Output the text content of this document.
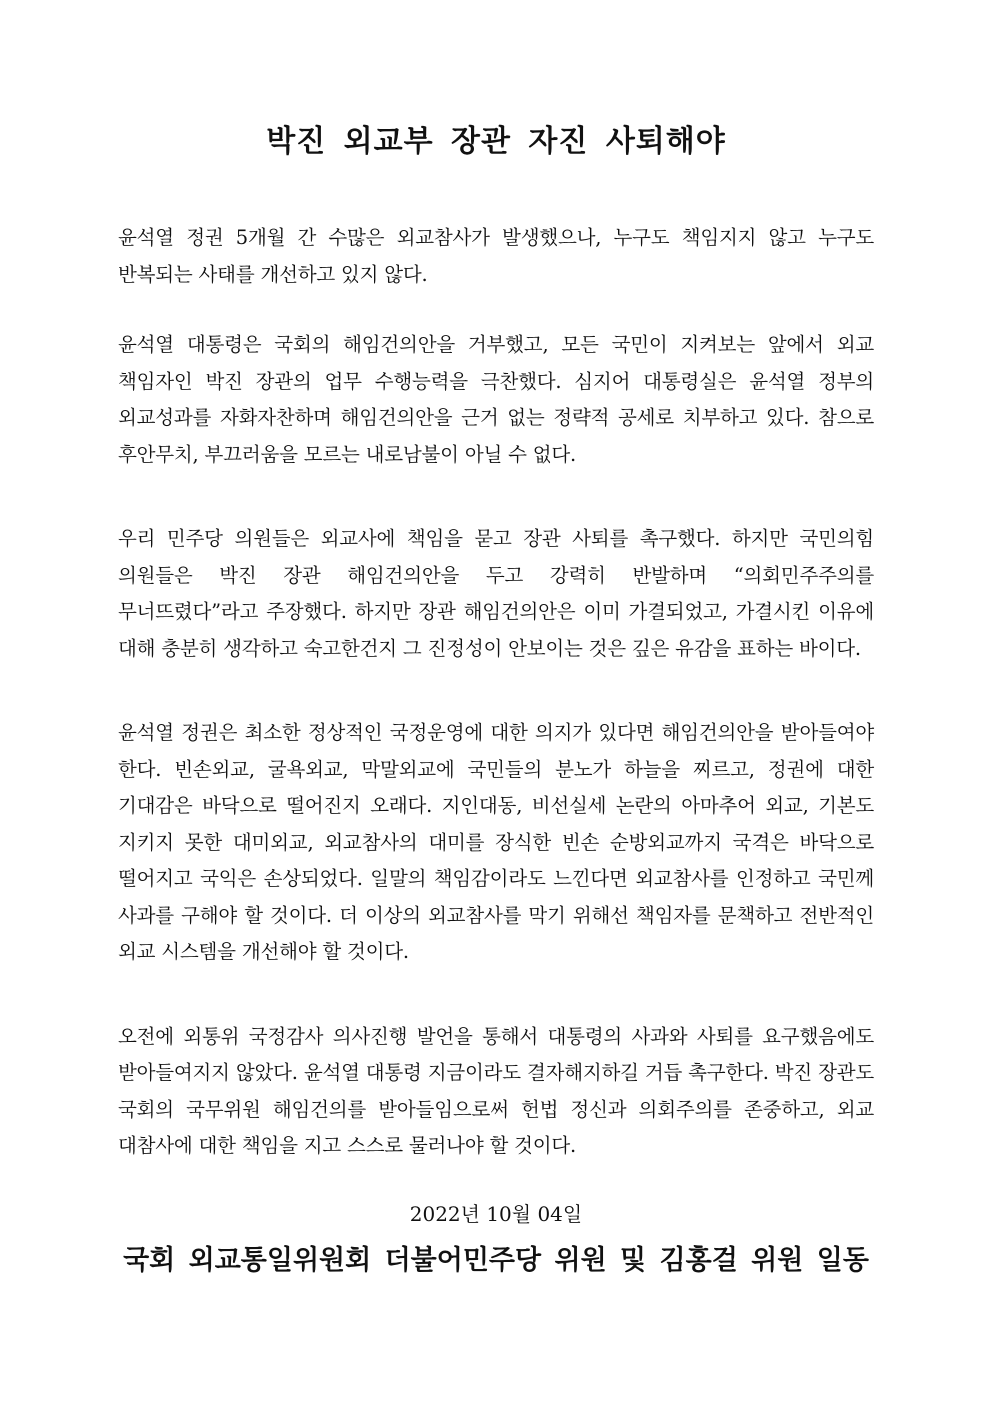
박진 외교부 장관 자진 사퇴해야

윤석열 정권 5개월 간 수많은 외교참사가 발생했으나, 누구도 책임지지 않고 누구도 반복되는 사태를 개선하고 있지 않다.

윤석열 대통령은 국회의 해임건의안을 거부했고, 모든 국민이 지켜보는 앞에서 외교 책임자인 박진 장관의 업무 수행능력을 극찬했다. 심지어 대통령실은 윤석열 정부의 외교성과를 자화자찬하며 해임건의안을 근거 없는 정략적 공세로 치부하고 있다. 참으로 후안무치, 부끄러움을 모르는 내로남불이 아닐 수 없다.

우리 민주당 의원들은 외교사에 책임을 묻고 장관 사퇴를 촉구했다. 하지만 국민의힘 의원들은 박진 장관 해임건의안을 두고 강력히 반발하며 “의회민주주의를 무너뜨렸다”라고 주장했다. 하지만 장관 해임건의안은 이미 가결되었고, 가결시킨 이유에 대해 충분히 생각하고 숙고한건지 그 진정성이 안보이는 것은 깊은 유감을 표하는 바이다.

윤석열 정권은 최소한 정상적인 국정운영에 대한 의지가 있다면 해임건의안을 받아들여야 한다. 빈손외교, 굴욕외교, 막말외교에 국민들의 분노가 하늘을 찌르고, 정권에 대한 기대감은 바닥으로 떨어진지 오래다. 지인대동, 비선실세 논란의 아마추어 외교, 기본도 지키지 못한 대미외교, 외교참사의 대미를 장식한 빈손 순방외교까지 국격은 바닥으로 떨어지고 국익은 손상되었다. 일말의 책임감이라도 느낀다면 외교참사를 인정하고 국민께 사과를 구해야 할 것이다. 더 이상의 외교참사를 막기 위해선 책임자를 문책하고 전반적인 외교 시스템을 개선해야 할 것이다.

오전에 외통위 국정감사 의사진행 발언을 통해서 대통령의 사과와 사퇴를 요구했음에도 받아들여지지 않았다. 윤석열 대통령 지금이라도 결자해지하길 거듭 촉구한다. 박진 장관도 국회의 국무위원 해임건의를 받아들임으로써 헌법 정신과 의회주의를 존중하고, 외교 대참사에 대한 책임을 지고 스스로 물러나야 할 것이다.

2022년 10월 04일

국회 외교통일위원회 더불어민주당 위원 및 김홍걸 위원 일동
